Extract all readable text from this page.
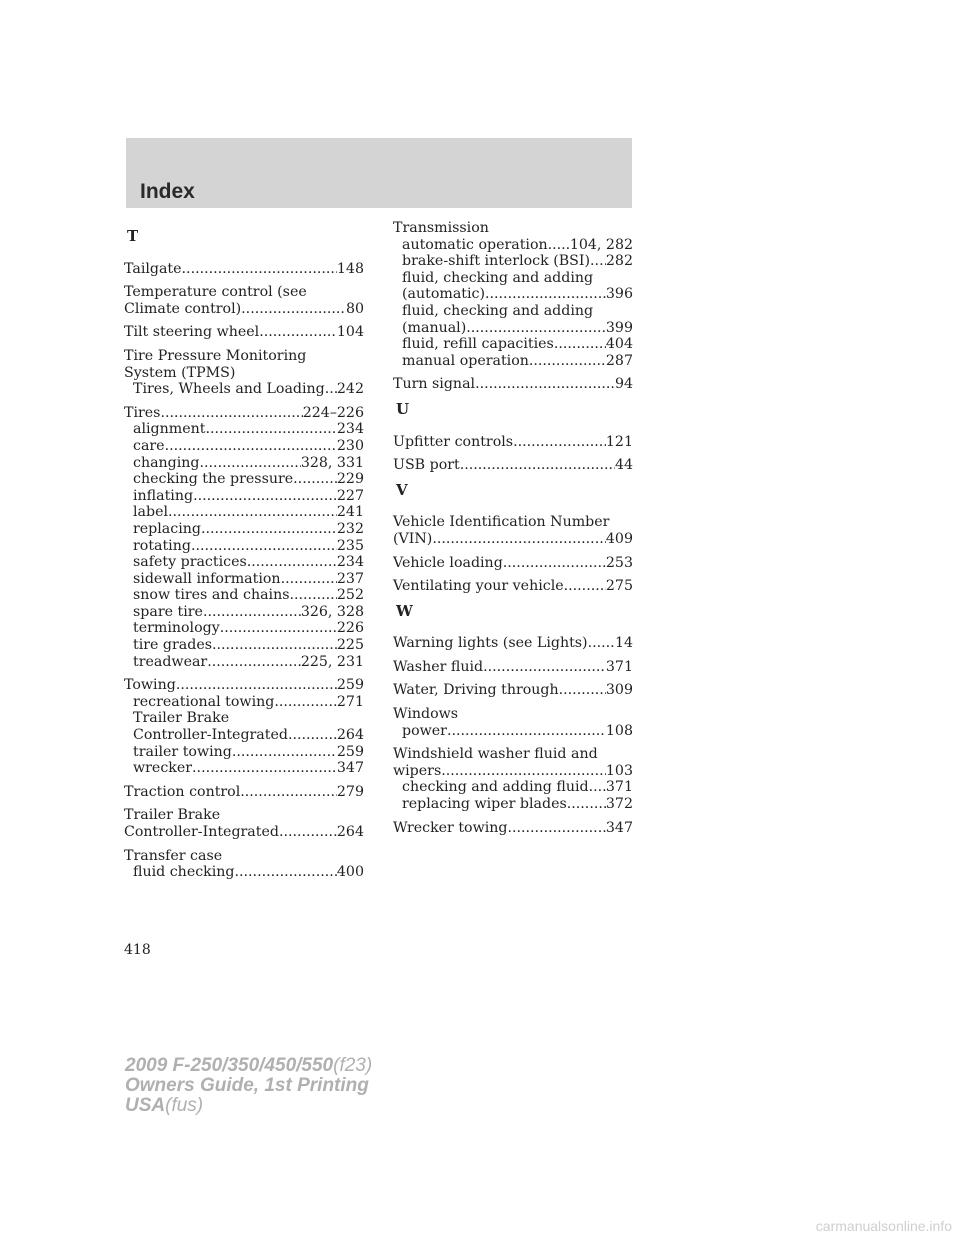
Index
T
Tailgate .....	148
Temperature control (see
Climate control) .....	80
Tilt steering wheel .....	104
Tire Pressure Monitoring
System (TPMS)
Tires, Wheels and Loading ..... 242
Tires .....	224–226
alignment .....	234
care .....	230
changing .....	328, 331
checking the pressure .....	229
inflating .....	227
label .....	241
replacing .....	232
rotating .....	235
safety practices .....	234
sidewall information .....	237
snow tires and chains .....	252
spare tire .....	326, 328
terminology .....	226
tire grades .....	225
treadwear .....	225, 231
Towing .....	259
recreational towing .....	271
Trailer Brake
Controller-Integrated .....	264
trailer towing .....	259
wrecker .....	347
Traction control .....	279
Trailer Brake
Controller-Integrated .....	264
Transfer case
fluid checking .....	400
Transmission
automatic operation ..... 104, 282
brake-shift interlock (BSI) ..... 282
fluid, checking and adding
(automatic) .....	396
fluid, checking and adding
(manual) .....	399
fluid, refill capacities .....	404
manual operation .....	287
Turn signal .....	94
U
Upfitter controls .....	121
USB port .....	44
V
Vehicle Identification Number
(VIN) .....	409
Vehicle loading .....	253
Ventilating your vehicle .....	275
W
Warning lights (see Lights) ..... 14
Washer fluid .....	371
Water, Driving through .....	309
Windows
power .....	108
Windshield washer fluid and
wipers .....	103
checking and adding fluid ..... 371
replacing wiper blades .....	372
Wrecker towing .....	347
418
2009 F-250/350/450/550(f23)
Owners Guide, 1st Printing
USA(fus)
carmanualsonline.info
